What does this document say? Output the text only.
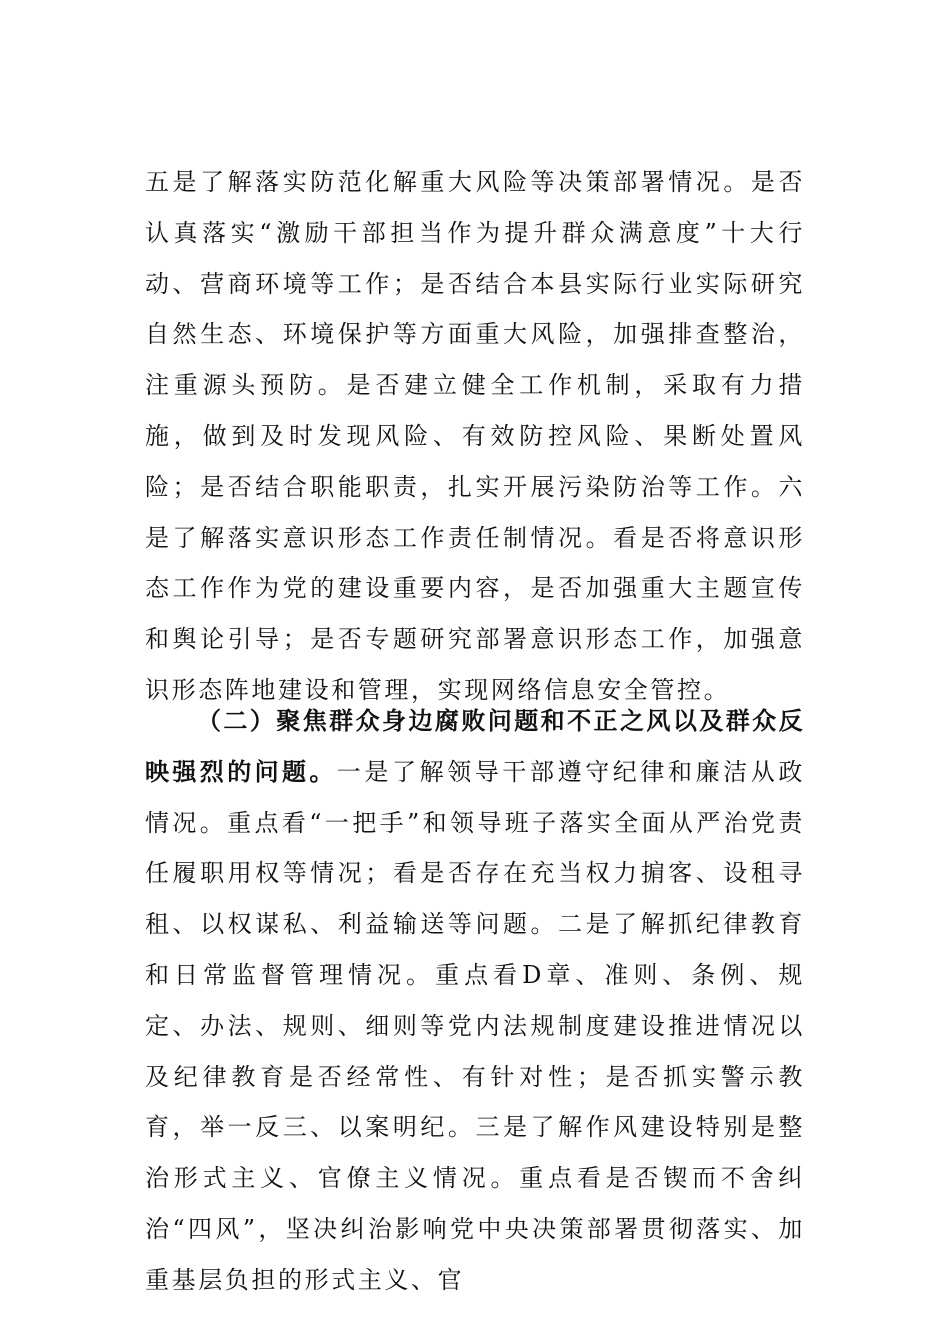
五是了解落实防范化解重大风险等决策部署情况。是否认真落实“激励干部担当作为提升群众满意度”十大行动、营商环境等工作；是否结合本县实际行业实际研究自然生态、环境保护等方面重大风险，加强排查整治，注重源头预防。是否建立健全工作机制，采取有力措施，做到及时发现风险、有效防控风险、果断处置风险；是否结合职能职责，扎实开展污染防治等工作。六是了解落实意识形态工作责任制情况。看是否将意识形态工作作为党的建设重要内容，是否加强重大主题宣传和舆论引导；是否专题研究部署意识形态工作，加强意识形态阵地建设和管理，实现网络信息安全管控。

（二）聚焦群众身边腐败问题和不正之风以及群众反映强烈的问题。一是了解领导干部遵守纪律和廉洁从政情况。重点看“一把手”和领导班子落实全面从严治党责任履职用权等情况；看是否存在充当权力掮客、设租寻租、以权谋私、利益输送等问题。二是了解抓纪律教育和日常监督管理情况。重点看D章、准则、条例、规定、办法、规则、细则等党内法规制度建设推进情况以及纪律教育是否经常性、有针对性；是否抓实警示教育，举一反三、以案明纪。三是了解作风建设特别是整治形式主义、官僚主义情况。重点看是否锲而不舍纠治“四风”，坚决纠治影响党中央决策部署贯彻落实、加重基层负担的形式主义、官
